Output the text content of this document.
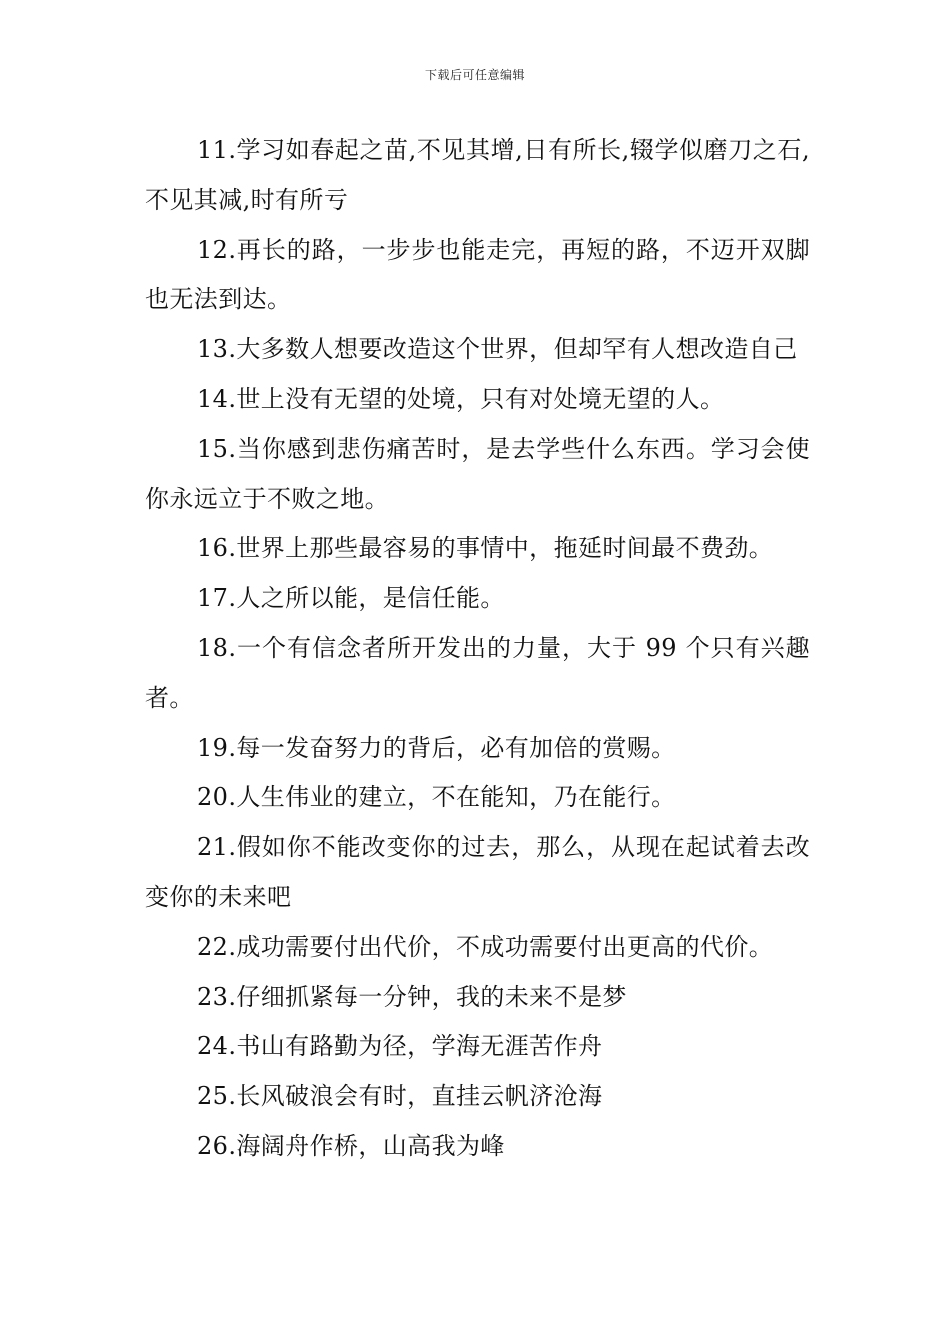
下载后可任意编辑

11.学习如春起之苗,不见其增,日有所长,辍学似磨刀之石,不见其减,时有所亏

12.再长的路，一步步也能走完，再短的路，不迈开双脚也无法到达。

13.大多数人想要改造这个世界，但却罕有人想改造自己

14.世上没有无望的处境，只有对处境无望的人。

15.当你感到悲伤痛苦时，是去学些什么东西。学习会使你永远立于不败之地。

16.世界上那些最容易的事情中，拖延时间最不费劲。

17.人之所以能，是信任能。

18.一个有信念者所开发出的力量，大于 99 个只有兴趣者。

19.每一发奋努力的背后，必有加倍的赏赐。

20.人生伟业的建立，不在能知，乃在能行。

21.假如你不能改变你的过去，那么，从现在起试着去改变你的未来吧

22.成功需要付出代价，不成功需要付出更高的代价。

23.仔细抓紧每一分钟，我的未来不是梦

24.书山有路勤为径，学海无涯苦作舟

25.长风破浪会有时，直挂云帆济沧海

26.海阔舟作桥，山高我为峰
